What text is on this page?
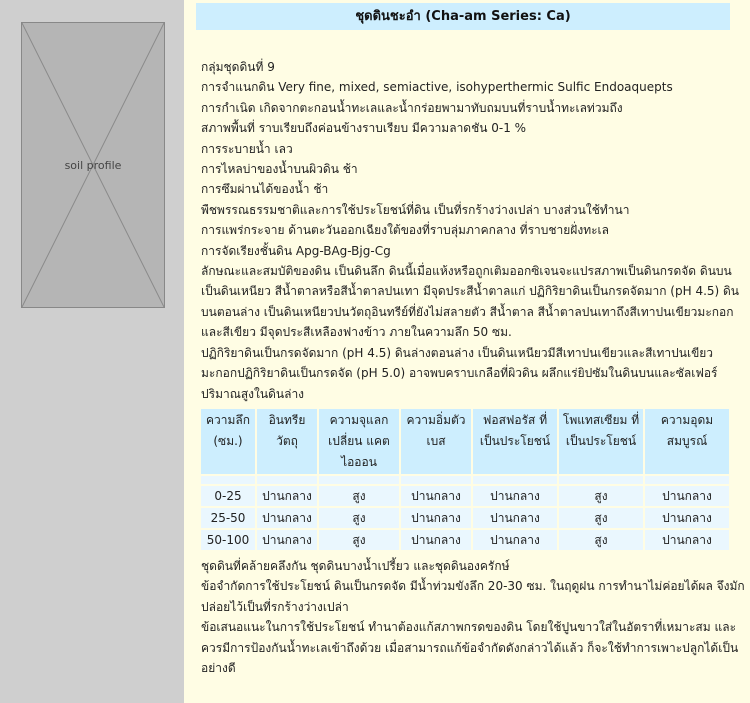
soil profile
ชุดดินชะอำ (Cha-am Series: Ca)

กลุ่มชุดดินที่ 9

การจำแนกดิน Very fine, mixed, semiactive, isohyperthermic Sulfic Endoaquepts

การกำเนิด เกิดจากตะกอนน้ำทะเลและน้ำกร่อยพามาทับถมบนที่ราบน้ำทะเลท่วมถึง

สภาพพื้นที่ ราบเรียบถึงค่อนข้างราบเรียบ มีความลาดชัน 0-1 %

การระบายน้ำ เลว

การไหลบ่าของน้ำบนผิวดิน ช้า

การซึมผ่านได้ของน้ำ ช้า

พืชพรรณธรรมชาติและการใช้ประโยชน์ที่ดิน เป็นที่รกร้างว่างเปล่า บางส่วนใช้ทำนา

การแพร่กระจาย ด้านตะวันออกเฉียงใต้ของที่ราบลุ่มภาคกลาง ที่ราบชายฝั่งทะเล

การจัดเรียงชั้นดิน Apg-BAg-Bjg-Cg

ลักษณะและสมบัติของดิน เป็นดินลึก ดินนี้เมื่อแห้งหรือถูกเติมออกซิเจนจะแปรสภาพเป็นดินกรดจัด ดินบนเป็นดินเหนียว สีน้ำตาลหรือสีน้ำตาลปนเทา มีจุดประสีน้ำตาลแก่ ปฏิกิริยาดินเป็นกรดจัดมาก (pH 4.5) ดินบนตอนล่าง เป็นดินเหนียวปนวัตถุอินทรีย์ที่ยังไม่สลายตัว สีน้ำตาล สีน้ำตาลปนเทาถึงสีเทาปนเขียวมะกอกและสีเขียว มีจุดประสีเหลืองฟางข้าว ภายในความลึก 50 ซม.

ปฏิกิริยาดินเป็นกรดจัดมาก (pH 4.5) ดินล่างตอนล่าง เป็นดินเหนียวมีสีเทาปนเขียวและสีเทาปนเขียวมะกอกปฏิกิริยาดินเป็นกรดจัด (pH 5.0) อาจพบคราบเกลือที่ผิวดิน ผลึกแร่ยิปซัมในดินบนและซัลเฟอร์ปริมาณสูงในดินล่าง

ความลึก (ซม.)	อินทรีย วัตถุ	ความจุแลกเปลี่ยน แคตไอออน	ความอิ่มตัว เบส	ฟอสฟอรัส ที่เป็นประโยชน์	โพแทสเซียม ที่เป็นประโยชน์	ความอุดม สมบูรณ์

0-25	ปานกลาง	สูง	ปานกลาง	ปานกลาง	สูง	ปานกลาง
25-50	ปานกลาง	สูง	ปานกลาง	ปานกลาง	สูง	ปานกลาง
50-100	ปานกลาง	สูง	ปานกลาง	ปานกลาง	สูง	ปานกลาง

ชุดดินที่คล้ายคลึงกัน ชุดดินบางน้ำเปรี้ยว และชุดดินองครักษ์

ข้อจำกัดการใช้ประโยชน์ ดินเป็นกรดจัด มีน้ำท่วมขังลึก 20-30 ซม. ในฤดูฝน การทำนาไม่ค่อยได้ผล จึงมักปล่อยไว้เป็นที่รกร้างว่างเปล่า

ข้อเสนอแนะในการใช้ประโยชน์ ทำนาต้องแก้สภาพกรดของดิน โดยใช้ปูนขาวใส่ในอัตราที่เหมาะสม และควรมีการป้องกันน้ำทะเลเข้าถึงด้วย เมื่อสามารถแก้ข้อจำกัดดังกล่าวได้แล้ว ก็จะใช้ทำการเพาะปลูกได้เป็นอย่างดี
